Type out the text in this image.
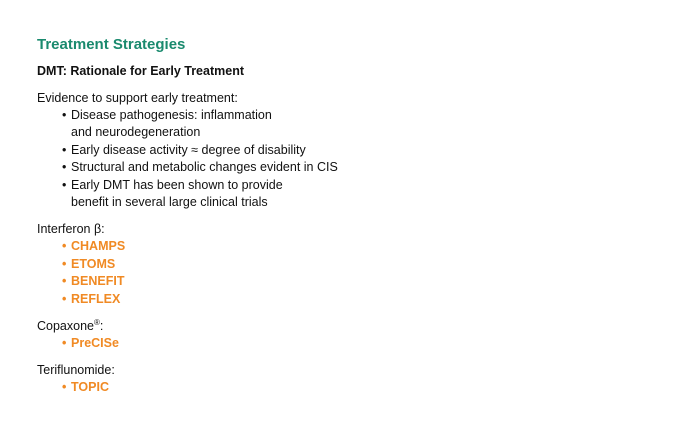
Treatment Strategies
DMT: Rationale for Early Treatment
Evidence to support early treatment:
• Disease pathogenesis: inflammation
and neurodegeneration
• Early disease activity ≈ degree of disability
• Structural and metabolic changes evident in CIS
• Early DMT has been shown to provide
benefit in several large clinical trials
Interferon β:
• CHAMPS
• ETOMS
• BENEFIT
• REFLEX
Copaxone®:
• PreCISe
Teriflunomide:
• TOPIC
